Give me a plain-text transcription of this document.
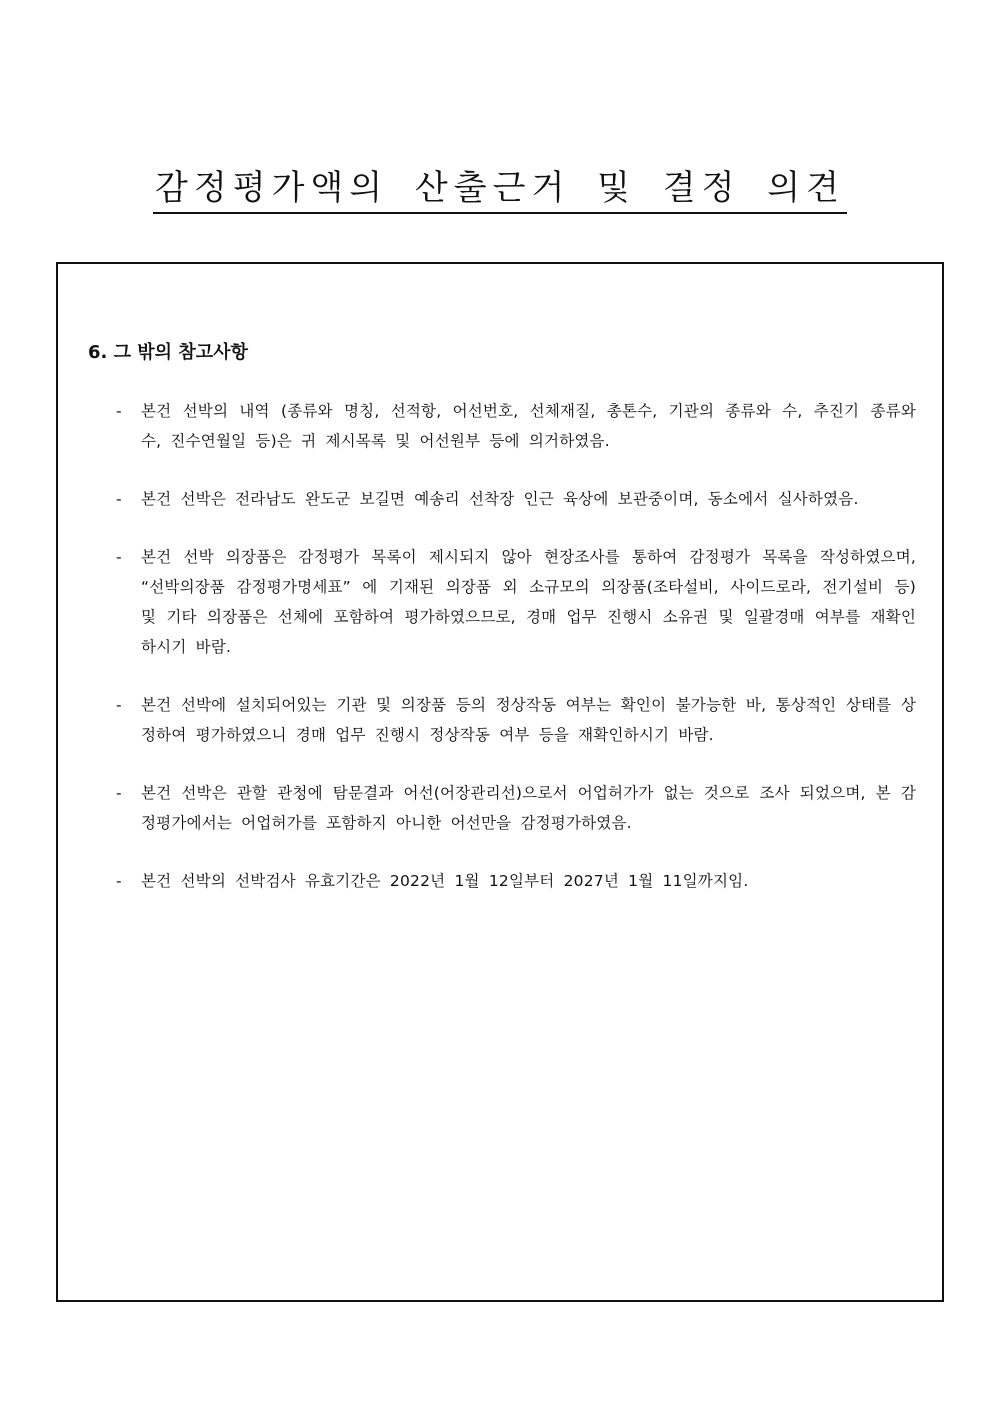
감정평가액의 산출근거 및 결정 의견
6. 그 밖의 참고사항
- 본건 선박의 내역 (종류와 명칭, 선적항, 어선번호, 선체재질, 총톤수, 기관의 종류와 수, 추진기 종류와 수, 진수연월일 등)은 귀 제시목록 및 어선원부 등에 의거하였음.
- 본건 선박은 전라남도 완도군 보길면 예송리 선착장 인근 육상에 보관중이며, 동소에서 실사하였음.
- 본건 선박 의장품은 감정평가 목록이 제시되지 않아 현장조사를 통하여 감정평가 목록을 작성하였으며, “선박의장품 감정평가명세표” 에 기재된 의장품 외 소규모의 의장품(조타설비, 사이드로라, 전기설비 등) 및 기타 의장품은 선체에 포함하여 평가하였으므로, 경매 업무 진행시 소유권 및 일괄경매 여부를 재확인하시기 바람.
- 본건 선박에 설치되어있는 기관 및 의장품 등의 정상작동 여부는 확인이 불가능한 바, 통상적인 상태를 상정하여 평가하였으니 경매 업무 진행시 정상작동 여부 등을 재확인하시기 바람.
- 본건 선박은 관할 관청에 탐문결과 어선(어장관리선)으로서 어업허가가 없는 것으로 조사 되었으며, 본 감정평가에서는 어업허가를 포함하지 아니한 어선만을 감정평가하였음.
- 본건 선박의 선박검사 유효기간은 2022년 1월 12일부터 2027년 1월 11일까지임.
